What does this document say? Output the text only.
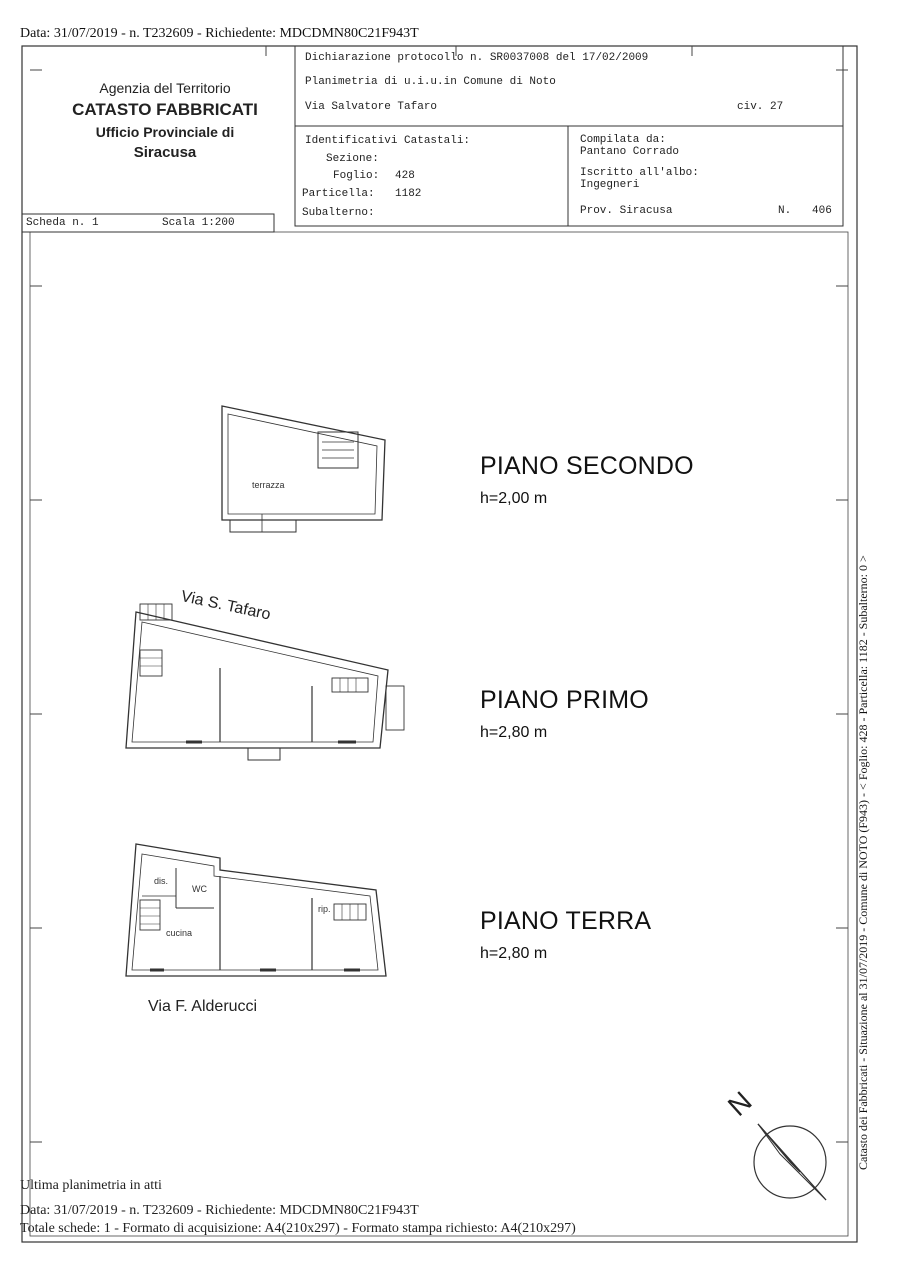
Data: 31/07/2019 - n. T232609 - Richiedente: MDCDMN80C21F943T
Agenzia del Territorio
CATASTO FABBRICATI
Ufficio Provinciale di
Siracusa
Dichiarazione protocollo n. SR0037008 del 17/02/2009
Planimetria di u.i.u.in Comune di Noto
Via Salvatore Tafaro	civ. 27
Identificativi Catastali:
Sezione:
Foglio: 428
Particella: 1182
Subalterno:
Compilata da:
Pantano Corrado
Iscritto all'albo:
Ingegneri
Prov. Siracusa	N. 406
Scheda n. 1	Scala 1:200
terrazza
Via S. Tafaro
dis.
WC
cucina
rip.
Via F. Alderucci
N
PIANO SECONDO
h=2,00 m
PIANO PRIMO
h=2,80 m
PIANO TERRA
h=2,80 m
Ultima planimetria in atti
Data: 31/07/2019 - n. T232609 - Richiedente: MDCDMN80C21F943T
Totale schede: 1 - Formato di acquisizione: A4(210x297) - Formato stampa richiesto: A4(210x297)
Catasto dei Fabbricati - Situazione al 31/07/2019 - Comune di NOTO (F943) - < Foglio: 428 - Particella: 1182 - Subalterno: 0 >
